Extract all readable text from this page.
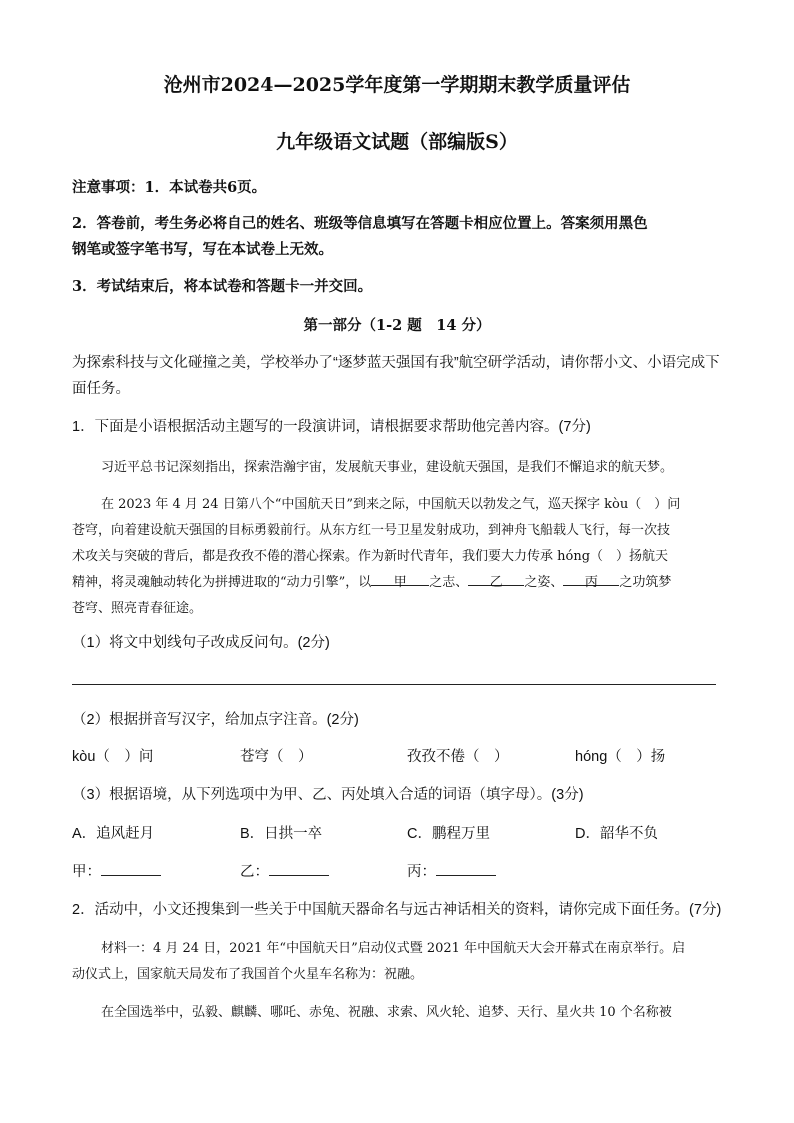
沧州市2024—2025学年度第一学期期末教学质量评估
九年级语文试题（部编版S）
注意事项：1．本试卷共6页。
2．答卷前，考生务必将自己的姓名、班级等信息填写在答题卡相应位置上。答案须用黑色
钢笔或签字笔书写，写在本试卷上无效。
3．考试结束后，将本试卷和答题卡一并交回。
第一部分（1-2 题　14 分）
为探索科技与文化碰撞之美，学校举办了“逐梦蓝天强国有我”航空研学活动，请你帮小文、小语完成下
面任务。
1．下面是小语根据活动主题写的一段演讲词，请根据要求帮助他完善内容。(7分)
习近平总书记深刻指出，探索浩瀚宇宙，发展航天事业，建设航天强国，是我们不懈追求的航天梦。
在 2023 年 4 月 24 日第八个“中国航天日”到来之际，中国航天以勃发之气，巡天探字 kòu（　）问
苍穹，向着建设航天强国的目标勇毅前行。从东方红一号卫星发射成功，到神舟飞船载人飞行，每一次技
术攻关与突破的背后，都是孜孜不倦的潜心探索。作为新时代青年，我们要大力传承 hóng（　）扬航天
精神，将灵魂触动转化为拼搏进取的“动力引擎”，以 甲 之志、 乙 之姿、 丙 之功筑梦
苍穹、照亮青春征途。
（1）将文中划线句子改成反问句。(2分)
（2）根据拼音写汉字，给加点字注音。(2分)
kòu（　）问	苍穹（　）	孜孜不倦（　）	hóng（　）扬
（3）根据语境，从下列选项中为甲、乙、丙处填入合适的词语（填字母）。(3分)
A．追风赶月	B．日拱一卒	C．鹏程万里	D．韶华不负
甲：	乙：	丙：
2．活动中，小文还搜集到一些关于中国航天器命名与远古神话相关的资料，请你完成下面任务。(7分)
材料一：4 月 24 日，2021 年“中国航天日”启动仪式暨 2021 年中国航天大会开幕式在南京举行。启
动仪式上，国家航天局发布了我国首个火星车名称为：祝融。
在全国选举中，弘毅、麒麟、哪吒、赤兔、祝融、求索、风火轮、追梦、天行、星火共 10 个名称被
